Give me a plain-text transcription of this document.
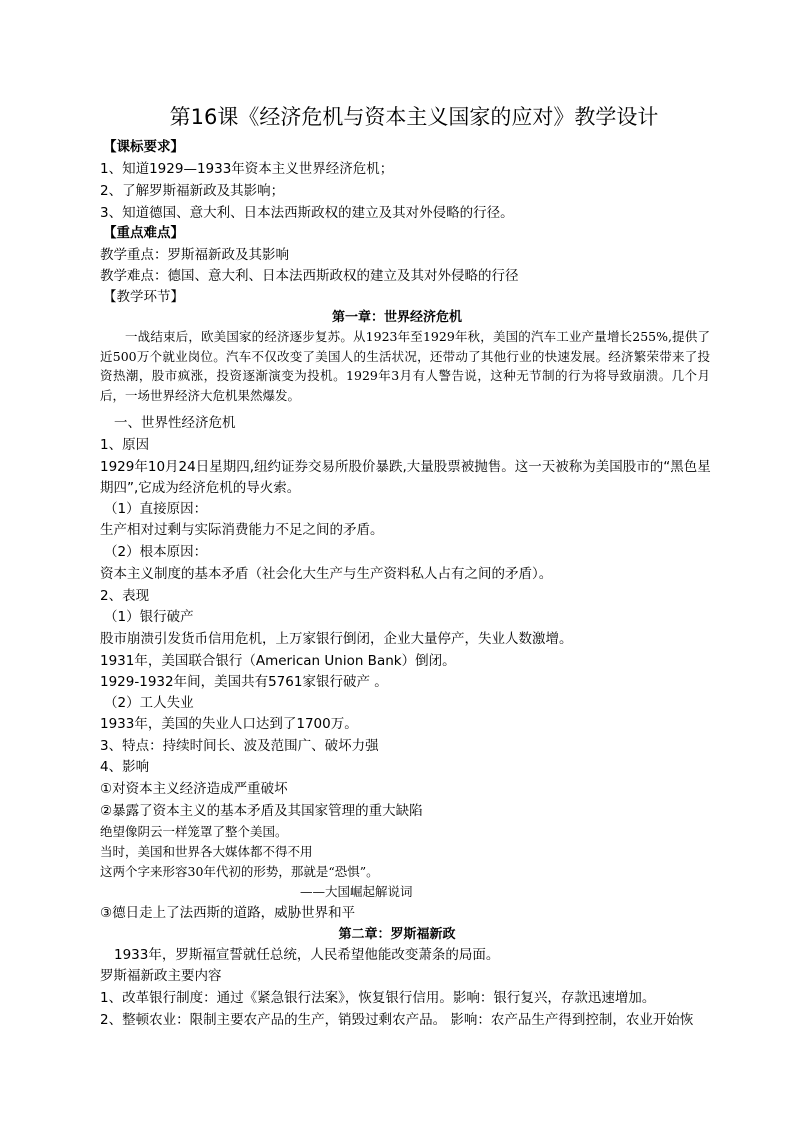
第16课《经济危机与资本主义国家的应对》教学设计
【课标要求】
1、知道1929—1933年资本主义世界经济危机；
2、了解罗斯福新政及其影响；
3、知道德国、意大利、日本法西斯政权的建立及其对外侵略的行径。
【重点难点】
教学重点：罗斯福新政及其影响
教学难点：德国、意大利、日本法西斯政权的建立及其对外侵略的行径
【教学环节】
第一章：世界经济危机
一战结束后，欧美国家的经济逐步复苏。从1923年至1929年秋，美国的汽车工业产量增长255%,提供了近500万个就业岗位。汽车不仅改变了美国人的生活状况，还带动了其他行业的快速发展。经济繁荣带来了投资热潮，股市疯涨，投资逐渐演变为投机。1929年3月有人警告说，这种无节制的行为将导致崩溃。几个月后，一场世界经济大危机果然爆发。
一、世界性经济危机
1、原因
1929年10月24日星期四,纽约证券交易所股价暴跌,大量股票被抛售。这一天被称为美国股市的“黑色星期四”,它成为经济危机的导火索。
（1）直接原因：
生产相对过剩与实际消费能力不足之间的矛盾。
（2）根本原因：
资本主义制度的基本矛盾（社会化大生产与生产资料私人占有之间的矛盾）。
2、表现
（1）银行破产
股市崩溃引发货币信用危机，上万家银行倒闭，企业大量停产，失业人数激增。
1931年，美国联合银行（American Union Bank）倒闭。
1929-1932年间，美国共有5761家银行破产 。
（2）工人失业
1933年，美国的失业人口达到了1700万。
3、特点：持续时间长、波及范围广、破坏力强
4、影响
①对资本主义经济造成严重破坏
②暴露了资本主义的基本矛盾及其国家管理的重大缺陷
绝望像阴云一样笼罩了整个美国。
当时，美国和世界各大媒体都不得不用
这两个字来形容30年代初的形势，那就是“恐惧”。
——大国崛起解说词
③德日走上了法西斯的道路，威胁世界和平
第二章：罗斯福新政
1933年，罗斯福宣誓就任总统，人民希望他能改变萧条的局面。
罗斯福新政主要内容
1、改革银行制度：通过《紧急银行法案》，恢复银行信用。影响：银行复兴，存款迅速增加。
2、整顿农业：限制主要农产品的生产，销毁过剩农产品。 影响：农产品生产得到控制，农业开始恢
